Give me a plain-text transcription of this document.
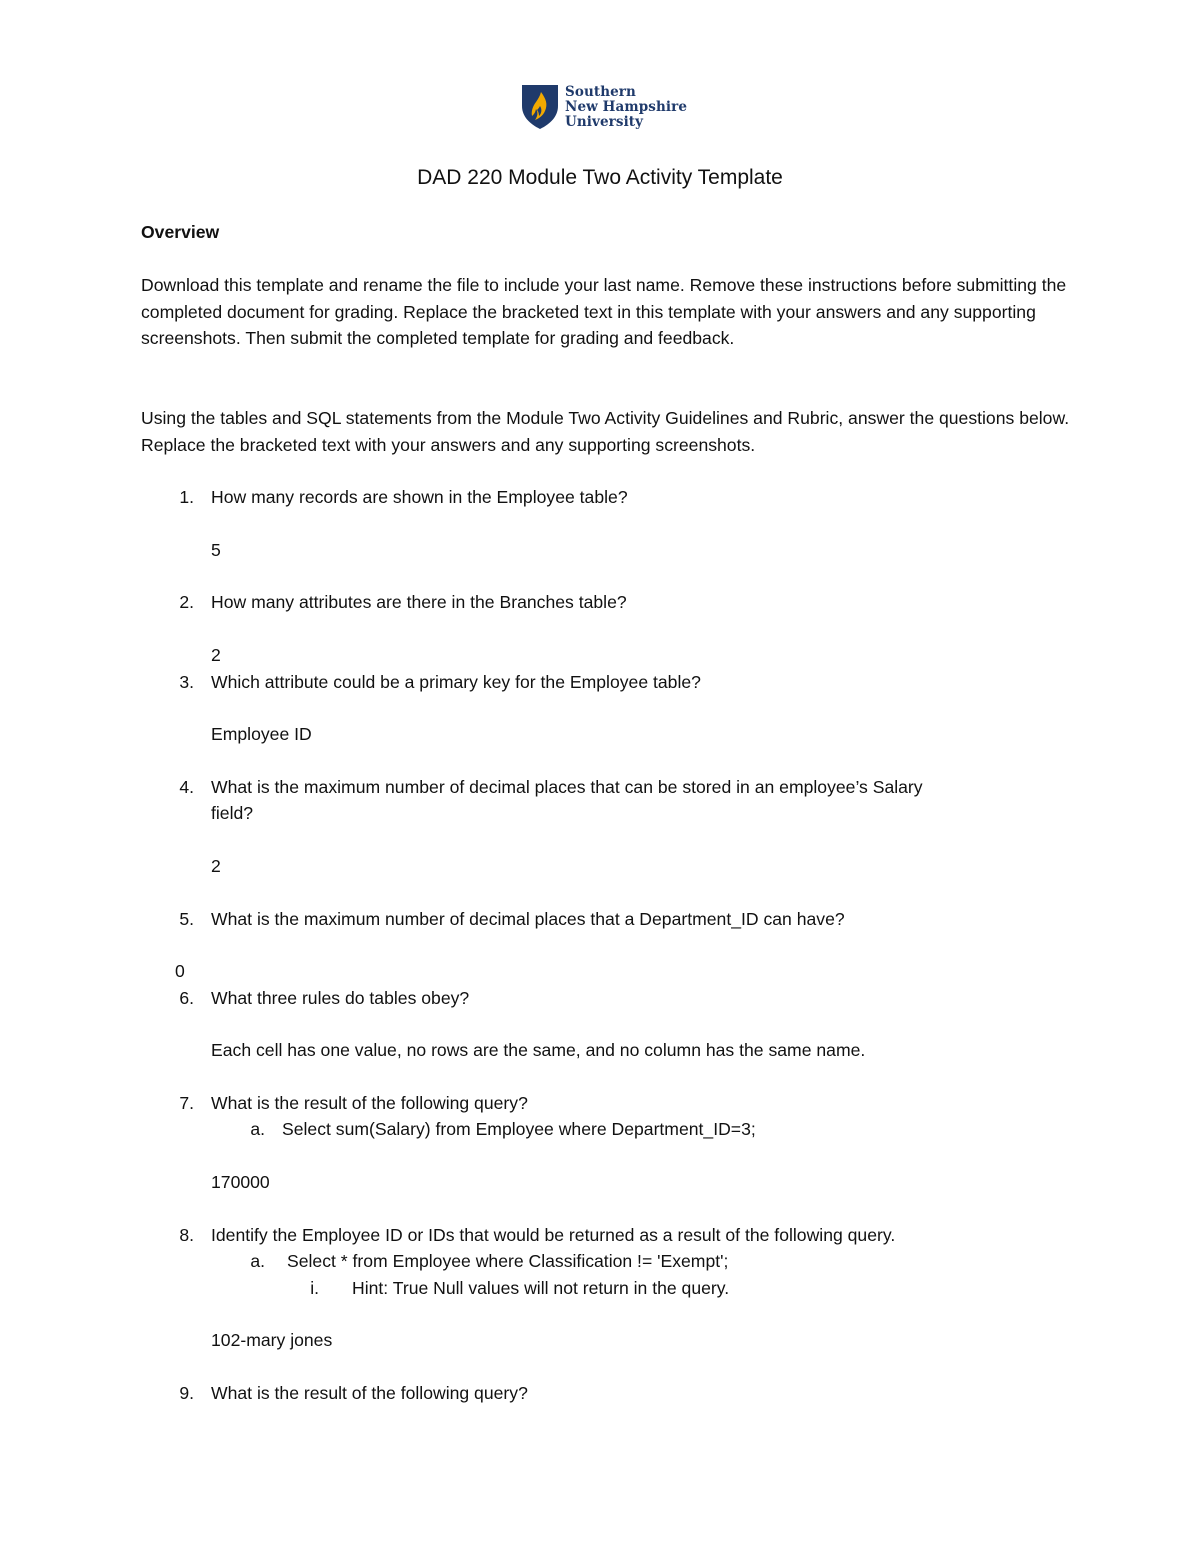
Southern
New Hampshire
University
DAD 220 Module Two Activity Template
Overview
Download this template and rename the file to include your last name. Remove these instructions before submitting the completed document for grading. Replace the bracketed text in this template with your answers and any supporting screenshots. Then submit the completed template for grading and feedback.
Using the tables and SQL statements from the Module Two Activity Guidelines and Rubric, answer the questions below. Replace the bracketed text with your answers and any supporting screenshots.
1. How many records are shown in the Employee table?
5
2. How many attributes are there in the Branches table?
2
3. Which attribute could be a primary key for the Employee table?
Employee ID
4. What is the maximum number of decimal places that can be stored in an employee’s Salary
field?
2
5. What is the maximum number of decimal places that a Department_ID can have?
0
6. What three rules do tables obey?
Each cell has one value, no rows are the same, and no column has the same name.
7. What is the result of the following query?
a. Select sum(Salary) from Employee where Department_ID=3;
170000
8. Identify the Employee ID or IDs that would be returned as a result of the following query.
a. Select * from Employee where Classification != 'Exempt';
i. Hint: True Null values will not return in the query.
102-mary jones
9. What is the result of the following query?
